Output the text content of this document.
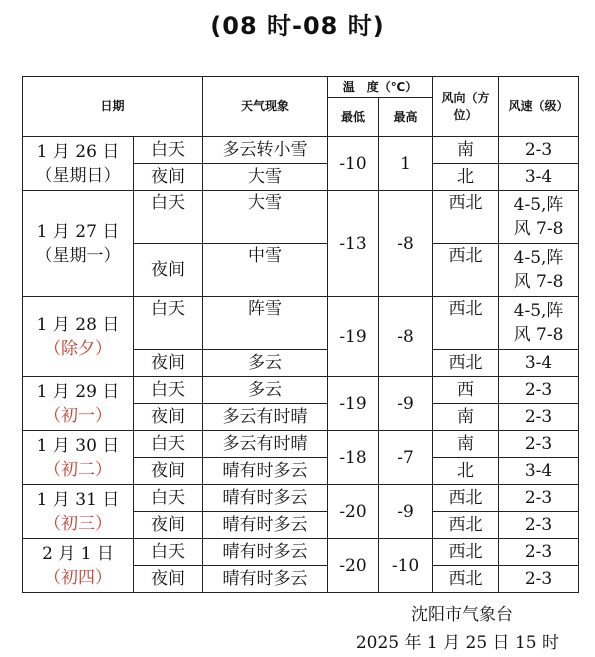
(08 时-08 时)
日期		天气现象	温　度（℃）		风向（方位）	风速（级）
			最低	最高		

1 月 26 日
（星期日）	白天	多云转小雪	-10	1	南	2-3
	夜间	大雪			北	3-4

1 月 27 日
（星期一）	白天	大雪	-13	-8	西北	4-5,阵
风 7-8

	夜间	中雪			西北	4-5,阵
风 7-8

1 月 28 日
（除夕）	白天	阵雪	-19	-8	西北	4-5,阵
风 7-8

	夜间	多云			西北	3-4

1 月 29 日
（初一）	白天	多云	-19	-9	西	2-3
	夜间	多云有时晴			南	2-3

1 月 30 日
（初二）	白天	多云有时晴	-18	-7	南	2-3
	夜间	晴有时多云			北	3-4

1 月 31 日
（初三）	白天	晴有时多云	-20	-9	西北	2-3
	夜间	晴有时多云			西北	2-3

2 月 1 日
（初四）	白天	晴有时多云	-20	-10	西北	2-3
	夜间	晴有时多云			西北	2-3
沈阳市气象台
2025 年 1 月 25 日 15 时
